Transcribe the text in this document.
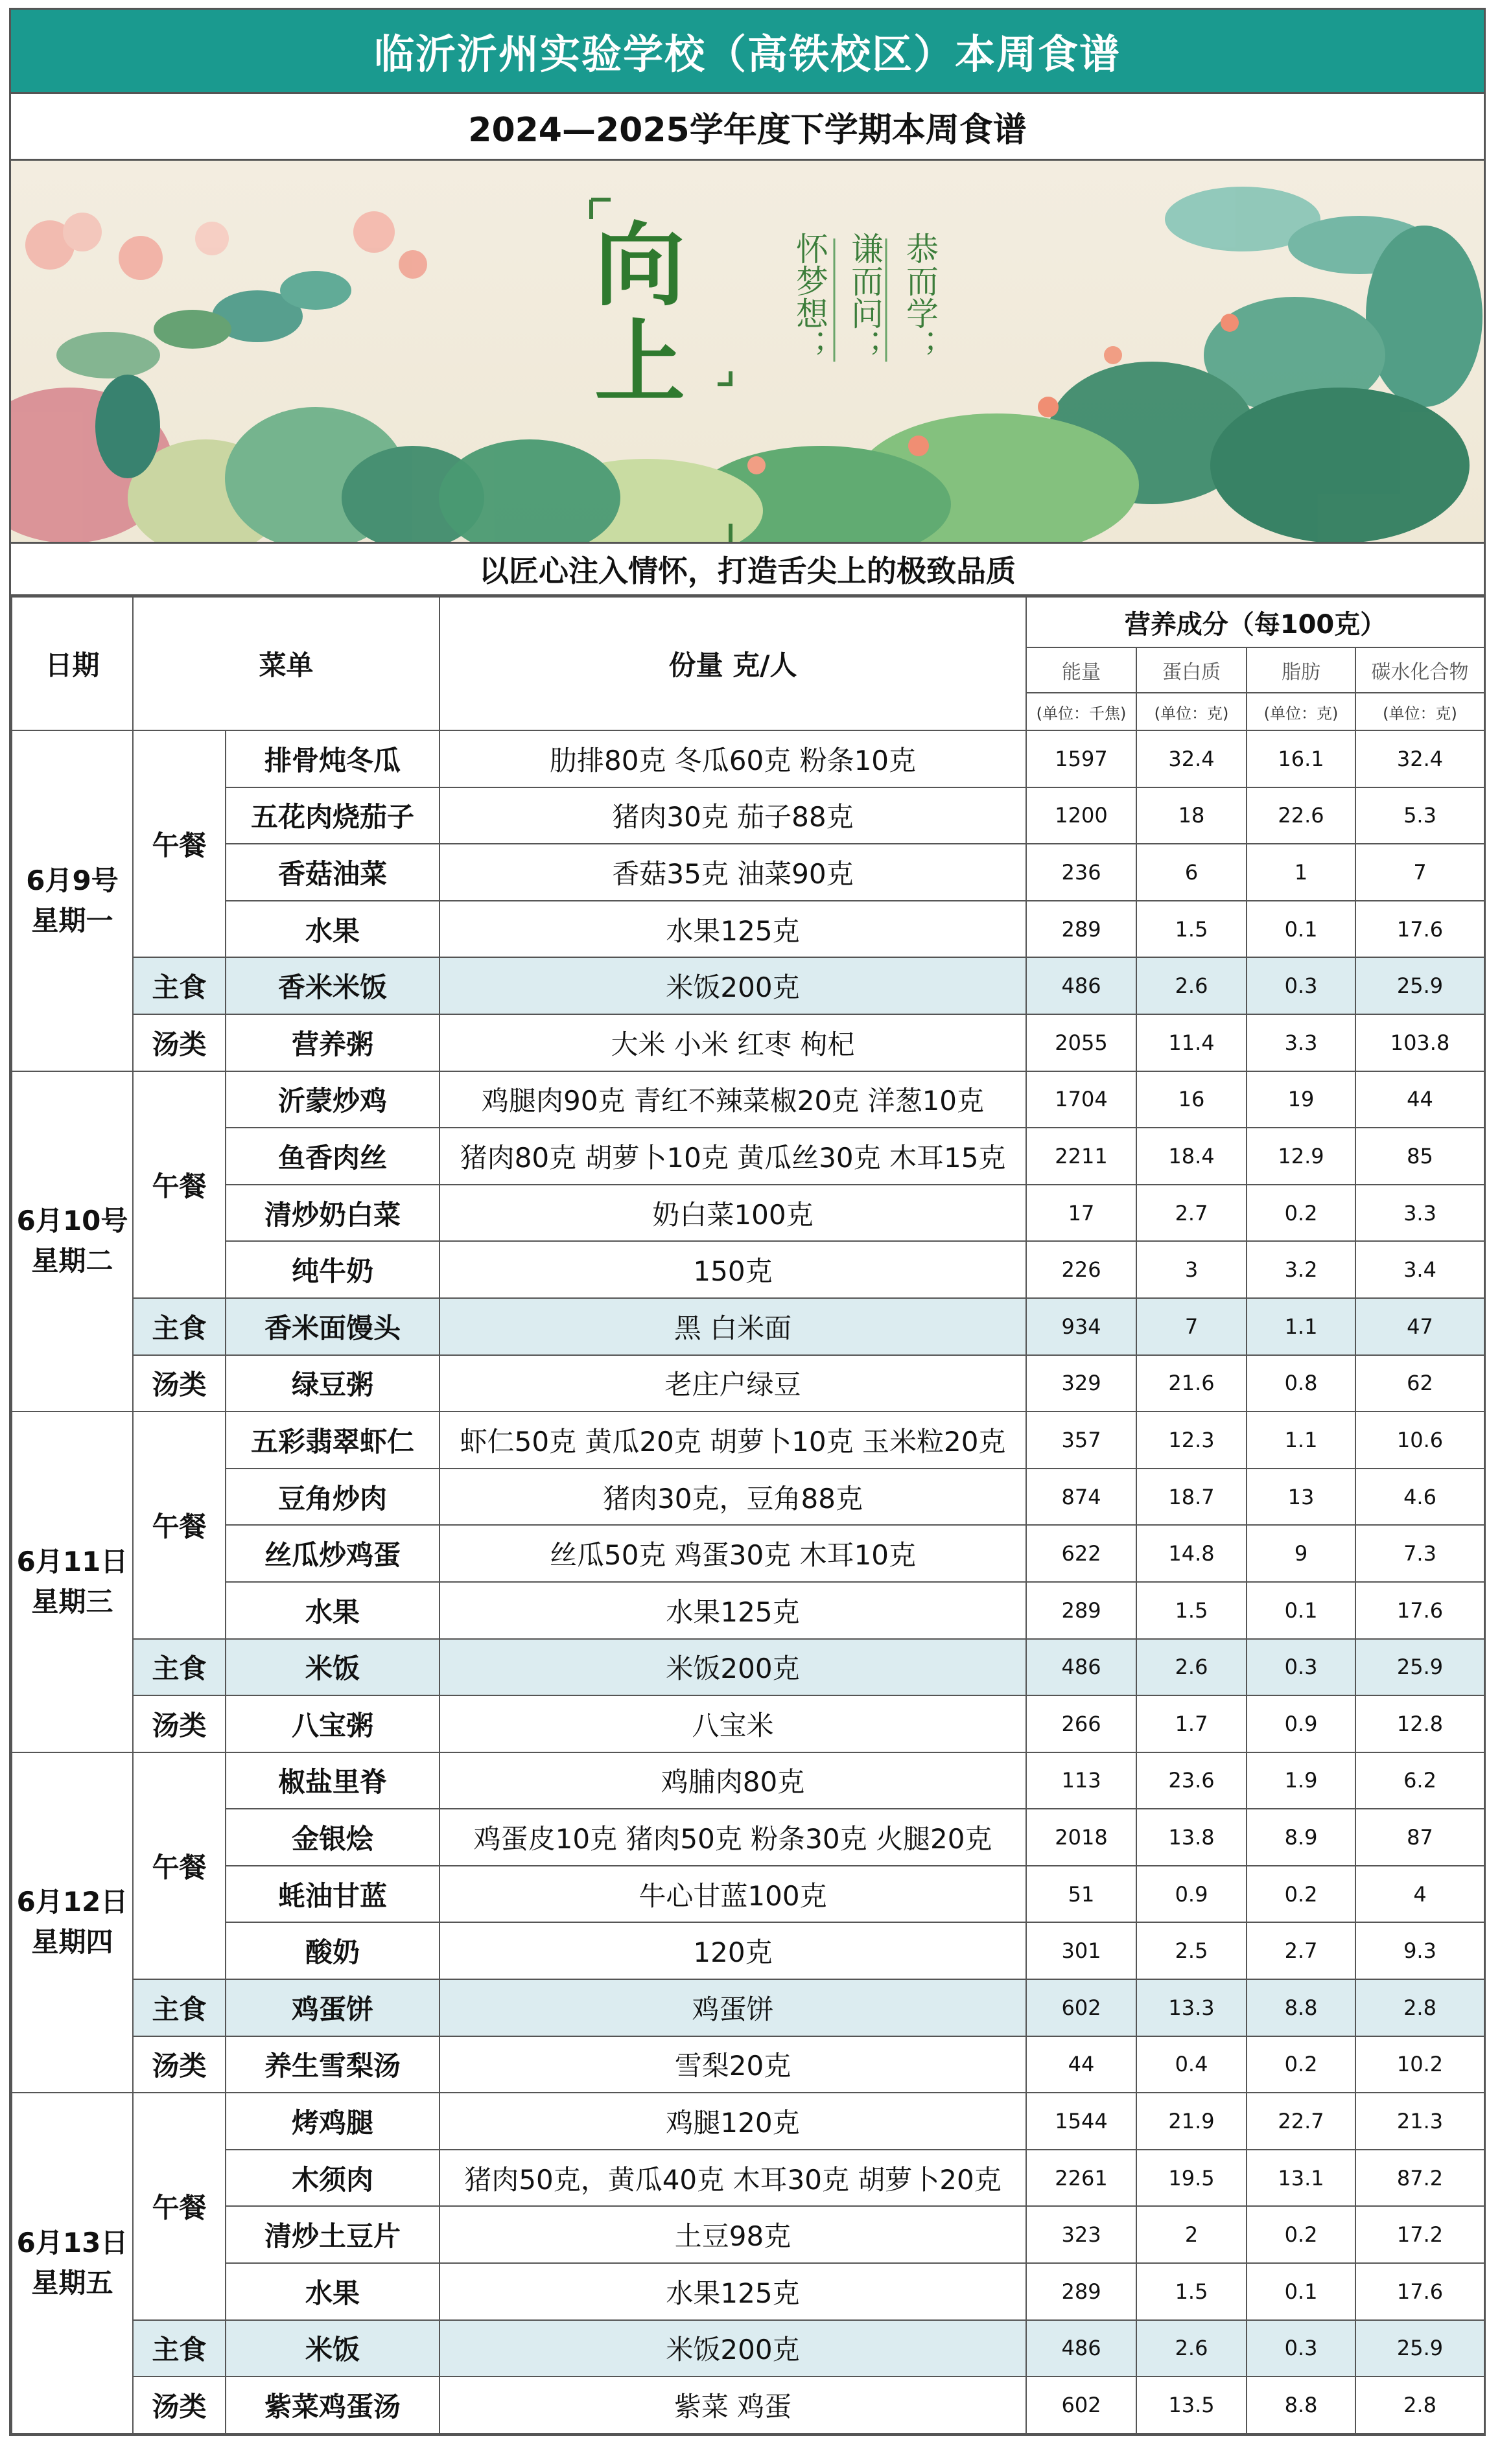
临沂沂州实验学校（高铁校区）本周食谱
2024—2025学年度下学期本周食谱
向
上
恭而学；
谦而问；
怀梦想；
以匠心注入情怀，打造舌尖上的极致品质
日期	菜单		份量 克/人	营养成分（每100克）			
				能量	蛋白质	脂肪	碳水化合物
				(单位：千焦)	(单位：克)	(单位：克)	(单位：克)

6月9号
星期一	午餐	排骨炖冬瓜	肋排80克 冬瓜60克 粉条10克	1597	32.4	16.1	32.4
		五花肉烧茄子	猪肉30克 茄子88克	1200	18	22.6	5.3
		香菇油菜	香菇35克 油菜90克	236	6	1	7
		水果	水果125克	289	1.5	0.1	17.6
	主食	香米米饭	米饭200克	486	2.6	0.3	25.9
	汤类	营养粥	大米 小米 红枣 枸杞	2055	11.4	3.3	103.8

6月10号
星期二	午餐	沂蒙炒鸡	鸡腿肉90克 青红不辣菜椒20克 洋葱10克	1704	16	19	44
		鱼香肉丝	猪肉80克 胡萝卜10克 黄瓜丝30克 木耳15克	2211	18.4	12.9	85
		清炒奶白菜	奶白菜100克	17	2.7	0.2	3.3
		纯牛奶	150克	226	3	3.2	3.4
	主食	香米面馒头	黑 白米面	934	7	1.1	47
	汤类	绿豆粥	老庄户绿豆	329	21.6	0.8	62

6月11日
星期三	午餐	五彩翡翠虾仁	虾仁50克 黄瓜20克 胡萝卜10克 玉米粒20克	357	12.3	1.1	10.6
		豆角炒肉	猪肉30克，豆角88克	874	18.7	13	4.6
		丝瓜炒鸡蛋	丝瓜50克 鸡蛋30克 木耳10克	622	14.8	9	7.3
		水果	水果125克	289	1.5	0.1	17.6
	主食	米饭	米饭200克	486	2.6	0.3	25.9
	汤类	八宝粥	八宝米	266	1.7	0.9	12.8

6月12日
星期四	午餐	椒盐里脊	鸡脯肉80克	113	23.6	1.9	6.2
		金银烩	鸡蛋皮10克 猪肉50克 粉条30克 火腿20克	2018	13.8	8.9	87
		蚝油甘蓝	牛心甘蓝100克	51	0.9	0.2	4
		酸奶	120克	301	2.5	2.7	9.3
	主食	鸡蛋饼	鸡蛋饼	602	13.3	8.8	2.8
	汤类	养生雪梨汤	雪梨20克	44	0.4	0.2	10.2

6月13日
星期五	午餐	烤鸡腿	鸡腿120克	1544	21.9	22.7	21.3
		木须肉	猪肉50克，黄瓜40克 木耳30克 胡萝卜20克	2261	19.5	13.1	87.2
		清炒土豆片	土豆98克	323	2	0.2	17.2
		水果	水果125克	289	1.5	0.1	17.6
	主食	米饭	米饭200克	486	2.6	0.3	25.9
	汤类	紫菜鸡蛋汤	紫菜 鸡蛋	602	13.5	8.8	2.8
